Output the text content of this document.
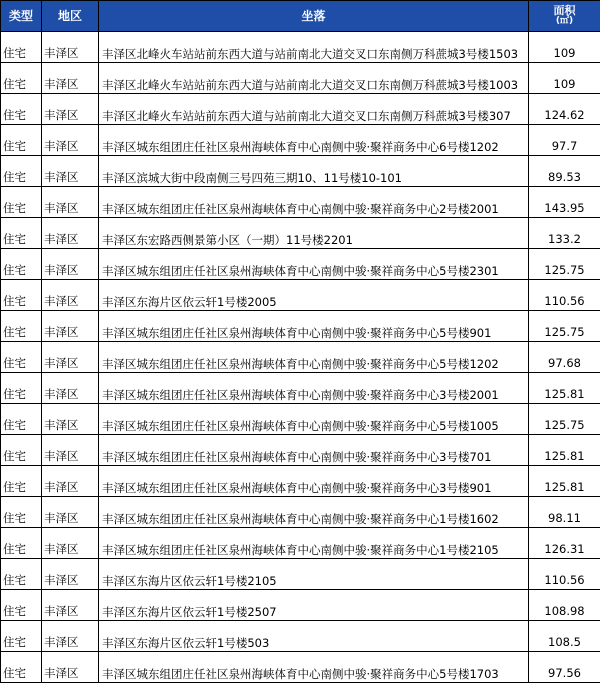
类型	地区	坐落	面积
(㎡)

住宅	丰泽区	丰泽区北峰火车站站前东西大道与站前南北大道交叉口东南侧万科蔗城3号楼1503	109
住宅	丰泽区	丰泽区北峰火车站站前东西大道与站前南北大道交叉口东南侧万科蔗城3号楼1003	109
住宅	丰泽区	丰泽区北峰火车站站前东西大道与站前南北大道交叉口东南侧万科蔗城3号楼307	124.62
住宅	丰泽区	丰泽区城东组团庄任社区泉州海峡体育中心南侧中骏·聚祥商务中心6号楼1202	97.7
住宅	丰泽区	丰泽区滨城大街中段南侧三号四苑三期10、11号楼10-101	89.53
住宅	丰泽区	丰泽区城东组团庄任社区泉州海峡体育中心南侧中骏·聚祥商务中心2号楼2001	143.95
住宅	丰泽区	丰泽区东宏路西侧景第小区（一期）11号楼2201	133.2
住宅	丰泽区	丰泽区城东组团庄任社区泉州海峡体育中心南侧中骏·聚祥商务中心5号楼2301	125.75
住宅	丰泽区	丰泽区东海片区依云轩1号楼2005	110.56
住宅	丰泽区	丰泽区城东组团庄任社区泉州海峡体育中心南侧中骏·聚祥商务中心5号楼901	125.75
住宅	丰泽区	丰泽区城东组团庄任社区泉州海峡体育中心南侧中骏·聚祥商务中心5号楼1202	97.68
住宅	丰泽区	丰泽区城东组团庄任社区泉州海峡体育中心南侧中骏·聚祥商务中心3号楼2001	125.81
住宅	丰泽区	丰泽区城东组团庄任社区泉州海峡体育中心南侧中骏·聚祥商务中心5号楼1005	125.75
住宅	丰泽区	丰泽区城东组团庄任社区泉州海峡体育中心南侧中骏·聚祥商务中心3号楼701	125.81
住宅	丰泽区	丰泽区城东组团庄任社区泉州海峡体育中心南侧中骏·聚祥商务中心3号楼901	125.81
住宅	丰泽区	丰泽区城东组团庄任社区泉州海峡体育中心南侧中骏·聚祥商务中心1号楼1602	98.11
住宅	丰泽区	丰泽区城东组团庄任社区泉州海峡体育中心南侧中骏·聚祥商务中心1号楼2105	126.31
住宅	丰泽区	丰泽区东海片区依云轩1号楼2105	110.56
住宅	丰泽区	丰泽区东海片区依云轩1号楼2507	108.98
住宅	丰泽区	丰泽区东海片区依云轩1号楼503	108.5
住宅	丰泽区	丰泽区城东组团庄任社区泉州海峡体育中心南侧中骏·聚祥商务中心5号楼1703	97.56
